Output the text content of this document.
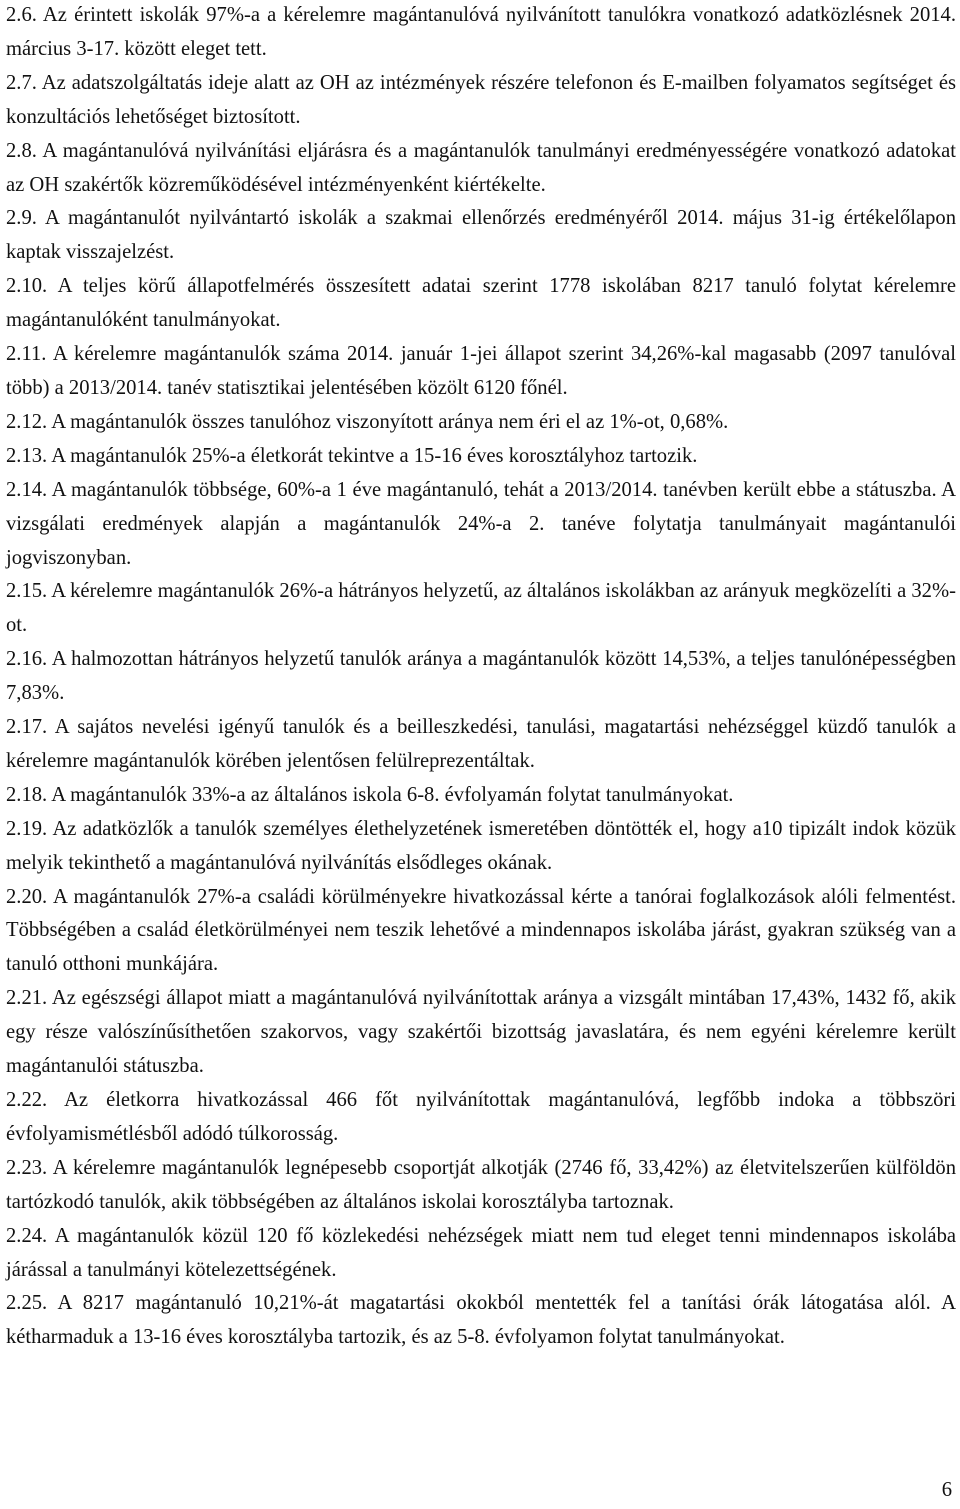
2.6. Az érintett iskolák 97%-a a kérelemre magántanulóvá nyilvánított tanulókra vonatkozó adatközlésnek 2014. március 3-17. között eleget tett.

2.7. Az adatszolgáltatás ideje alatt az OH az intézmények részére telefonon és E-mailben folyamatos segítséget és konzultációs lehetőséget biztosított.

2.8. A magántanulóvá nyilvánítási eljárásra és a magántanulók tanulmányi eredményességére vonatkozó adatokat az OH szakértők közreműködésével intézményenként kiértékelte.

2.9. A magántanulót nyilvántartó iskolák a szakmai ellenőrzés eredményéről 2014. május 31-ig értékelőlapon kaptak visszajelzést.

2.10. A teljes körű állapotfelmérés összesített adatai szerint 1778 iskolában 8217 tanuló folytat kérelemre magántanulóként tanulmányokat.

2.11. A kérelemre magántanulók száma 2014. január 1-jei állapot szerint 34,26%-kal magasabb (2097 tanulóval több) a 2013/2014. tanév statisztikai jelentésében közölt 6120 főnél.

2.12. A magántanulók összes tanulóhoz viszonyított aránya nem éri el az 1%-ot, 0,68%.

2.13. A magántanulók 25%-a életkorát tekintve a 15-16 éves korosztályhoz tartozik.

2.14. A magántanulók többsége, 60%-a 1 éve magántanuló, tehát a 2013/2014. tanévben került ebbe a státuszba. A vizsgálati eredmények alapján a magántanulók 24%-a 2. tanéve folytatja tanulmányait magántanulói jogviszonyban.

2.15. A kérelemre magántanulók 26%-a hátrányos helyzetű, az általános iskolákban az arányuk megközelíti a 32%-ot.

2.16. A halmozottan hátrányos helyzetű tanulók aránya a magántanulók között 14,53%, a teljes tanulónépességben 7,83%.

2.17. A sajátos nevelési igényű tanulók és a beilleszkedési, tanulási, magatartási nehézséggel küzdő tanulók a kérelemre magántanulók körében jelentősen felülreprezentáltak.

2.18. A magántanulók 33%-a az általános iskola 6-8. évfolyamán folytat tanulmányokat.

2.19. Az adatközlők a tanulók személyes élethelyzetének ismeretében döntötték el, hogy a10 tipizált indok közük melyik tekinthető a magántanulóvá nyilvánítás elsődleges okának.

2.20. A magántanulók 27%-a családi körülményekre hivatkozással kérte a tanórai foglalkozások alóli felmentést. Többségében a család életkörülményei nem teszik lehetővé a mindennapos iskolába járást, gyakran szükség van a tanuló otthoni munkájára.

2.21. Az egészségi állapot miatt a magántanulóvá nyilvánítottak aránya a vizsgált mintában 17,43%, 1432 fő, akik egy része valószínűsíthetően szakorvos, vagy szakértői bizottság javaslatára, és nem egyéni kérelemre került magántanulói státuszba.

2.22. Az életkorra hivatkozással 466 főt nyilvánítottak magántanulóvá, legfőbb indoka a többszöri évfolyamismétlésből adódó túlkorosság.

2.23. A kérelemre magántanulók legnépesebb csoportját alkotják (2746 fő, 33,42%) az életvitelszerűen külföldön tartózkodó tanulók, akik többségében az általános iskolai korosztályba tartoznak.

2.24. A magántanulók közül 120 fő közlekedési nehézségek miatt nem tud eleget tenni mindennapos iskolába járással a tanulmányi kötelezettségének.

2.25. A 8217 magántanuló 10,21%-át magatartási okokból mentették fel a tanítási órák látogatása alól. A kétharmaduk a 13-16 éves korosztályba tartozik, és az 5-8. évfolyamon folytat tanulmányokat.

6
